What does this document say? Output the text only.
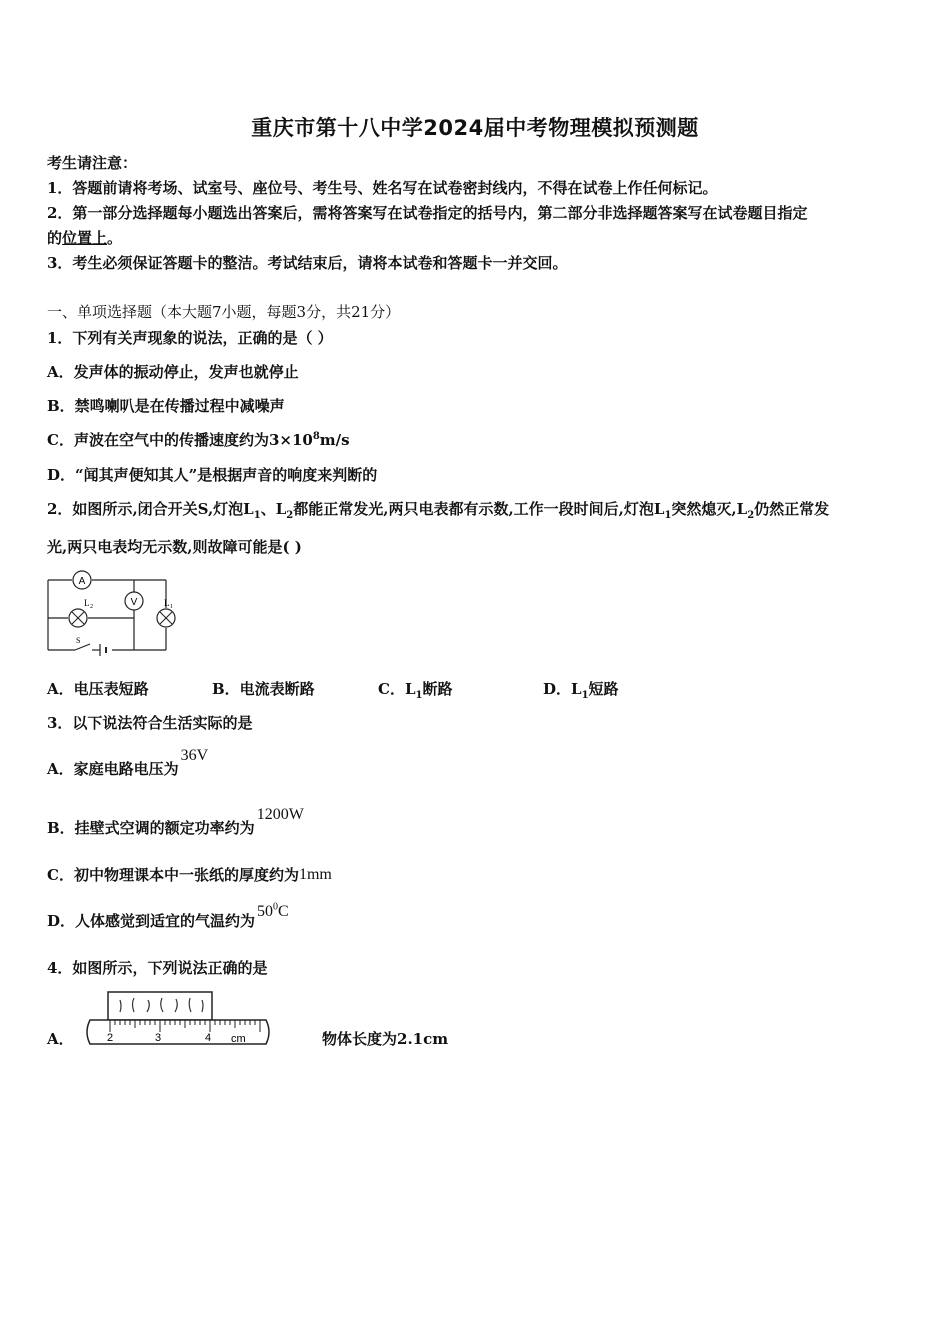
重庆市第十八中学2024届中考物理模拟预测题
考生请注意：
1．答题前请将考场、试室号、座位号、考生号、姓名写在试卷密封线内，不得在试卷上作任何标记。
2．第一部分选择题每小题选出答案后，需将答案写在试卷指定的括号内，第二部分非选择题答案写在试卷题目指定
的位置上。
3．考生必须保证答题卡的整洁。考试结束后，请将本试卷和答题卡一并交回。
一、单项选择题（本大题7小题，每题3分，共21分）
1．下列有关声现象的说法，正确的是（ ）
A．发声体的振动停止，发声也就停止
B．禁鸣喇叭是在传播过程中减噪声
C．声波在空气中的传播速度约为$3\times 10^8m/s$
D．“闻其声便知其人”是根据声音的响度来判断的
2．如图所示,闭合开关S,灯泡$L_1$、$L_2$都能正常发光,两只电表都有示数,工作一段时间后,灯泡$L_1$突然熄灭$,L_2$仍然正常发
光,两只电表均无示数,则故障可能是( )
A
V
L 2	L 1
S
A．电压表短路	B．电流表断路	C．$L_1$断路	D．$L_1$短路
3．以下说法符合生活实际的是
A．家庭电路电压为36V
B．挂壁式空调的额定功率约为1200W
C．初中物理课本中一张纸的厚度约为1mm
D．人体感觉到适宜的气温约为$50^0C$
4．如图所示，下列说法正确的是
A．	2	3	4 cm	物体长度为2.1cm
